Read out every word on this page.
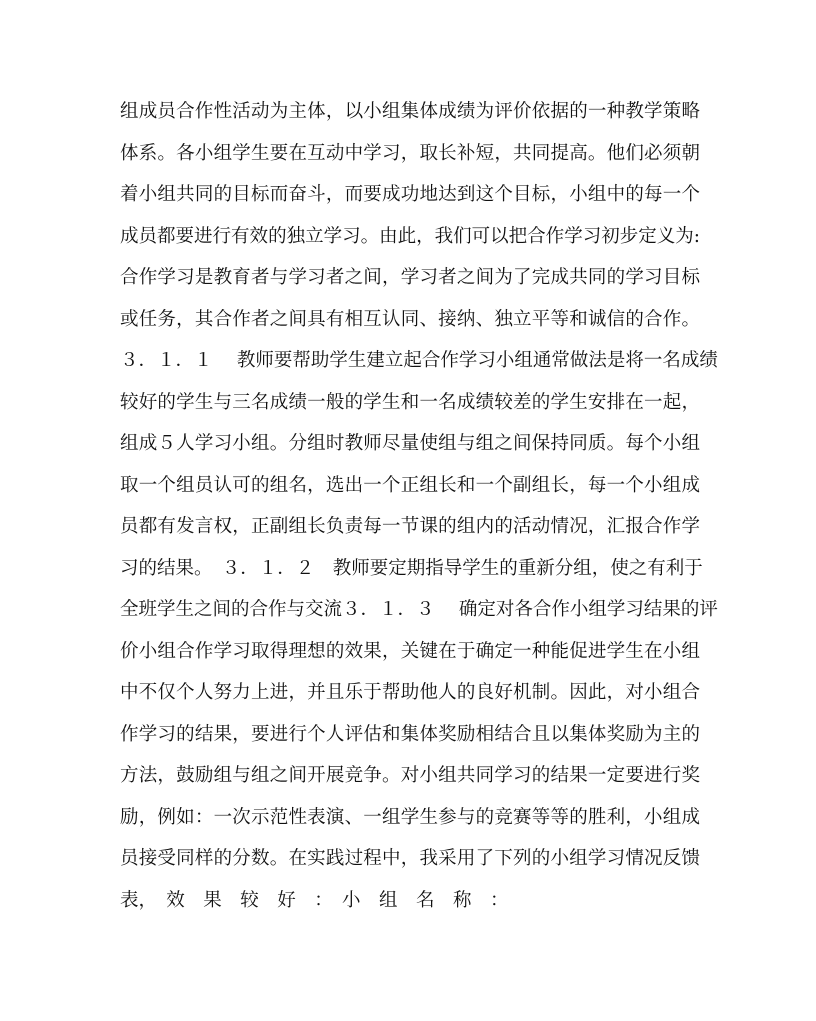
组成员合作性活动为主体，以小组集体成绩为评价依据的一种教学策略
体系。各小组学生要在互动中学习，取长补短，共同提高。他们必须朝
着小组共同的目标而奋斗，而要成功地达到这个目标，小组中的每一个
成员都要进行有效的独立学习。由此，我们可以把合作学习初步定义为:
合作学习是教育者与学习者之间，学习者之间为了完成共同的学习目标
或任务，其合作者之间具有相互认同、接纳、独立平等和诚信的合作。
３．１．１　 教师要帮助学生建立起合作学习小组通常做法是将一名成绩
较好的学生与三名成绩一般的学生和一名成绩较差的学生安排在一起，
组成５人学习小组。分组时教师尽量使组与组之间保持同质。每个小组
取一个组员认可的组名，选出一个正组长和一个副组长，每一个小组成
员都有发言权，正副组长负责每一节课的组内的活动情况，汇报合作学
习的结果。　３．１．２　教师要定期指导学生的重新分组，使之有利于
全班学生之间的合作与交流３．１．３　 确定对各合作小组学习结果的评
价小组合作学习取得理想的效果，关键在于确定一种能促进学生在小组
中不仅个人努力上进，并且乐于帮助他人的良好机制。因此，对小组合
作学习的结果，要进行个人评估和集体奖励相结合且以集体奖励为主的
方法，鼓励组与组之间开展竞争。对小组共同学习的结果一定要进行奖
励，例如：一次示范性表演、一组学生参与的竞赛等等的胜利，小组成
员接受同样的分数。在实践过程中，我采用了下列的小组学习情况反馈
表，　效　果　较　好　：　小　组　名　称　：
